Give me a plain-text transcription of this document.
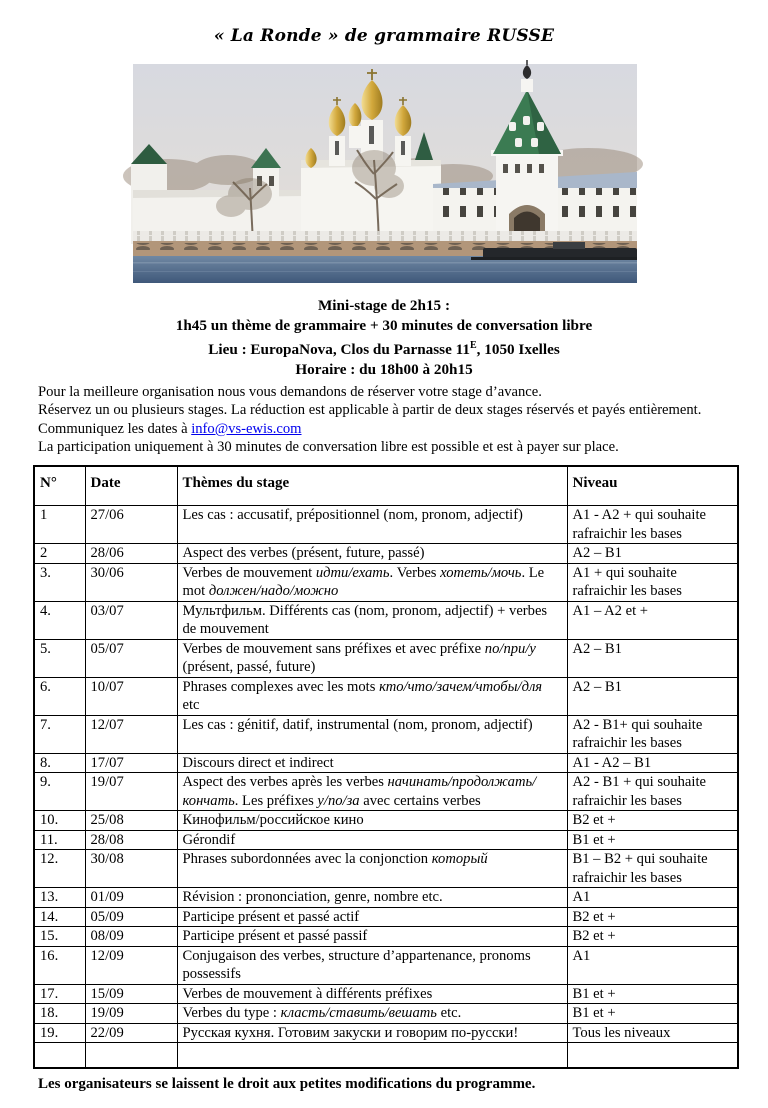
« La Ronde » de grammaire RUSSE
Mini-stage de 2h15 :
1h45 un thème de grammaire + 30 minutes de conversation libre
Lieu : EuropaNova, Clos du Parnasse $11^E$, 1050 Ixelles
Horaire : du 18h00 à 20h15
Pour la meilleure organisation nous vous demandons de réserver votre stage d’avance.
Réservez un ou plusieurs stages. La réduction est applicable à partir de deux stages réservés et payés entièrement. Communiquez les dates à info@vs-ewis.com
La participation uniquement à 30 minutes de conversation libre est possible et est à payer sur place.
N°	Date	Thèmes du stage	Niveau
1	27/06	Les cas : accusatif, prépositionnel (nom, pronom, adjectif)	A1 - A2 + qui souhaite rafraichir les bases
2	28/06	Aspect des verbes (présent, future, passé)	A2 – B1
3.	30/06	Verbes de mouvement идти/ехать. Verbes хотеть/мочь. Le mot должен/надо/можно	A1 + qui souhaite rafraichir les bases
4.	03/07	Мультфильм. Différents cas (nom, pronom, adjectif) + verbes de mouvement	A1 – A2 et +
5.	05/07	Verbes de mouvement sans préfixes et avec préfixe по/при/у (présent, passé, future)	A2 – B1
6.	10/07	Phrases complexes avec les mots кто/что/зачем/чтобы/для etc	A2 – B1
7.	12/07	Les cas : génitif, datif, instrumental (nom, pronom, adjectif)	A2 - B1+ qui souhaite rafraichir les bases
8.	17/07	Discours direct et indirect	A1 - A2 – B1
9.	19/07	Aspect des verbes après les verbes начинать/продолжать/кончать. Les préfixes у/по/за avec certains verbes	A2 - B1 + qui souhaite rafraichir les bases
10.	25/08	Кинофильм/российское кино	B2 et +
11.	28/08	Gérondif	B1 et +
12.	30/08	Phrases subordonnées avec la conjonction который	B1 – B2 + qui souhaite rafraichir les bases
13.	01/09	Révision : prononciation, genre, nombre etc.	A1
14.	05/09	Participe présent et passé actif	B2 et +
15.	08/09	Participe présent et passé passif	B2 et +
16.	12/09	Conjugaison des verbes, structure d’appartenance, pronoms possessifs	A1
17.	15/09	Verbes de mouvement à différents préfixes	B1 et +
18.	19/09	Verbes du type : класть/ставить/вешать etc.	B1 et +
19.	22/09	Русская кухня. Готовим закуски и говорим по-русски!	Tous les niveaux

Les organisateurs se laissent le droit aux petites modifications du programme.
